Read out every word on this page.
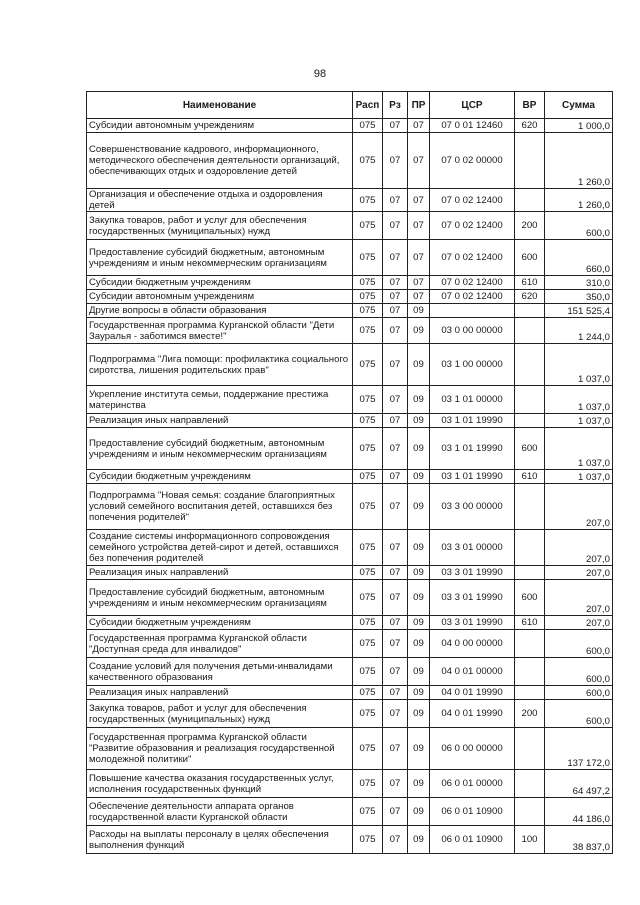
98
Наименование	Расп	Рз	ПР	ЦСР	ВР	Сумма
Субсидии автономным учреждениям	075	07	07	07 0 01 12460	620	1 000,0
Совершенствование кадрового, информационного, методического обеспечения деятельности организаций, обеспечивающих отдых и оздоровление детей	075	07	07	07 0 02 00000		1 260,0
Организация и обеспечение отдыха и оздоровления детей	075	07	07	07 0 02 12400		1 260,0
Закупка товаров, работ и услуг для обеспечения государственных (муниципальных) нужд	075	07	07	07 0 02 12400	200	600,0
Предоставление субсидий бюджетным, автономным учреждениям и иным некоммерческим организациям	075	07	07	07 0 02 12400	600	660,0
Субсидии бюджетным учреждениям	075	07	07	07 0 02 12400	610	310,0
Субсидии автономным учреждениям	075	07	07	07 0 02 12400	620	350,0
Другие вопросы в области образования	075	07	09			151 525,4
Государственная программа Курганской области "Дети Зауралья - заботимся вместе!"	075	07	09	03 0 00 00000		1 244,0
Подпрограмма "Лига помощи: профилактика социального сиротства, лишения родительских прав"	075	07	09	03 1 00 00000		1 037,0
Укрепление института семьи, поддержание престижа материнства	075	07	09	03 1 01 00000		1 037,0
Реализация иных направлений	075	07	09	03 1 01 19990		1 037,0
Предоставление субсидий бюджетным, автономным учреждениям и иным некоммерческим организациям	075	07	09	03 1 01 19990	600	1 037,0
Субсидии бюджетным учреждениям	075	07	09	03 1 01 19990	610	1 037,0
Подпрограмма "Новая семья: создание благоприятных условий семейного воспитания детей, оставшихся без попечения родителей"	075	07	09	03 3 00 00000		207,0
Создание системы информационного сопровождения семейного устройства детей-сирот и детей, оставшихся без попечения родителей	075	07	09	03 3 01 00000		207,0
Реализация иных направлений	075	07	09	03 3 01 19990		207,0
Предоставление субсидий бюджетным, автономным учреждениям и иным некоммерческим организациям	075	07	09	03 3 01 19990	600	207,0
Субсидии бюджетным учреждениям	075	07	09	03 3 01 19990	610	207,0
Государственная программа Курганской области "Доступная среда для инвалидов"	075	07	09	04 0 00 00000		600,0
Создание условий для получения детьми-инвалидами качественного образования	075	07	09	04 0 01 00000		600,0
Реализация иных направлений	075	07	09	04 0 01 19990		600,0
Закупка товаров, работ и услуг для обеспечения государственных (муниципальных) нужд	075	07	09	04 0 01 19990	200	600,0
Государственная программа Курганской области "Развитие образования и реализация государственной молодежной политики"	075	07	09	06 0 00 00000		137 172,0
Повышение качества оказания государственных услуг, исполнения государственных функций	075	07	09	06 0 01 00000		64 497,2
Обеспечение деятельности аппарата органов государственной власти Курганской области	075	07	09	06 0 01 10900		44 186,0
Расходы на выплаты персоналу в целях обеспечения выполнения функций	075	07	09	06 0 01 10900	100	38 837,0
